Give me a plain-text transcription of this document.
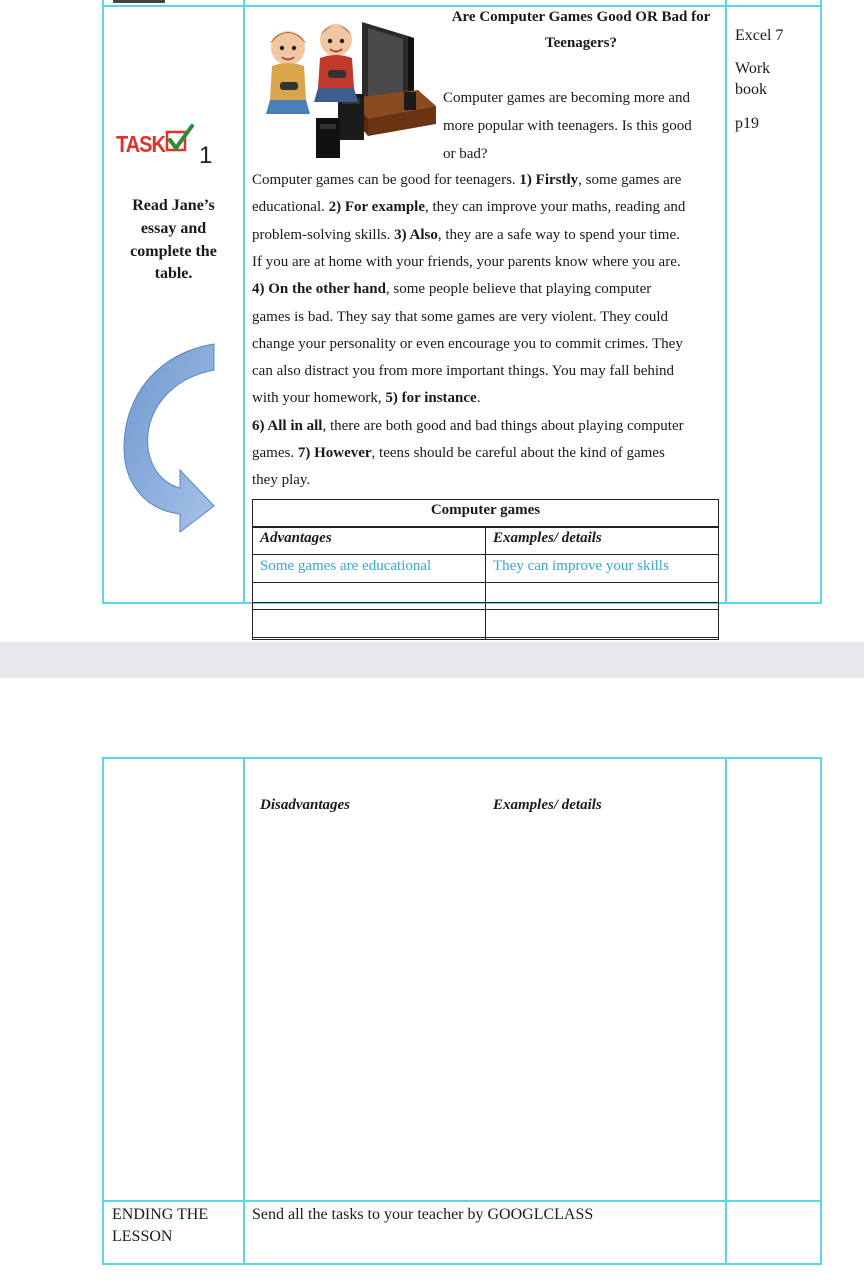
Are Computer Games Good OR Bad for
Teenagers?	Excel 7
Work
book
p19
Computer games are becoming more and
more popular with teenagers. Is this good
or bad?
TASK 1
Read Jane’s
essay and
complete the
table.
Computer games can be good for teenagers. 1) Firstly, some games are
educational. 2) For example, they can improve your maths, reading and
problem-solving skills. 3) Also, they are a safe way to spend your time.
If you are at home with your friends, your parents know where you are.
4) On the other hand, some people believe that playing computer
games is bad. They say that some games are very violent. They could
change your personality or even encourage you to commit crimes. They
can also distract you from more important things. You may fall behind
with your homework, 5) for instance.
6) All in all, there are both good and bad things about playing computer
games. 7) However, teens should be careful about the kind of games
they play.
Computer games
Advantages	Examples/ details
Some games are educational	They can improve your skills
Disadvantages	Examples/ details
ENDING THE
LESSON
Send all the tasks to your teacher by GOOGLCLASS
